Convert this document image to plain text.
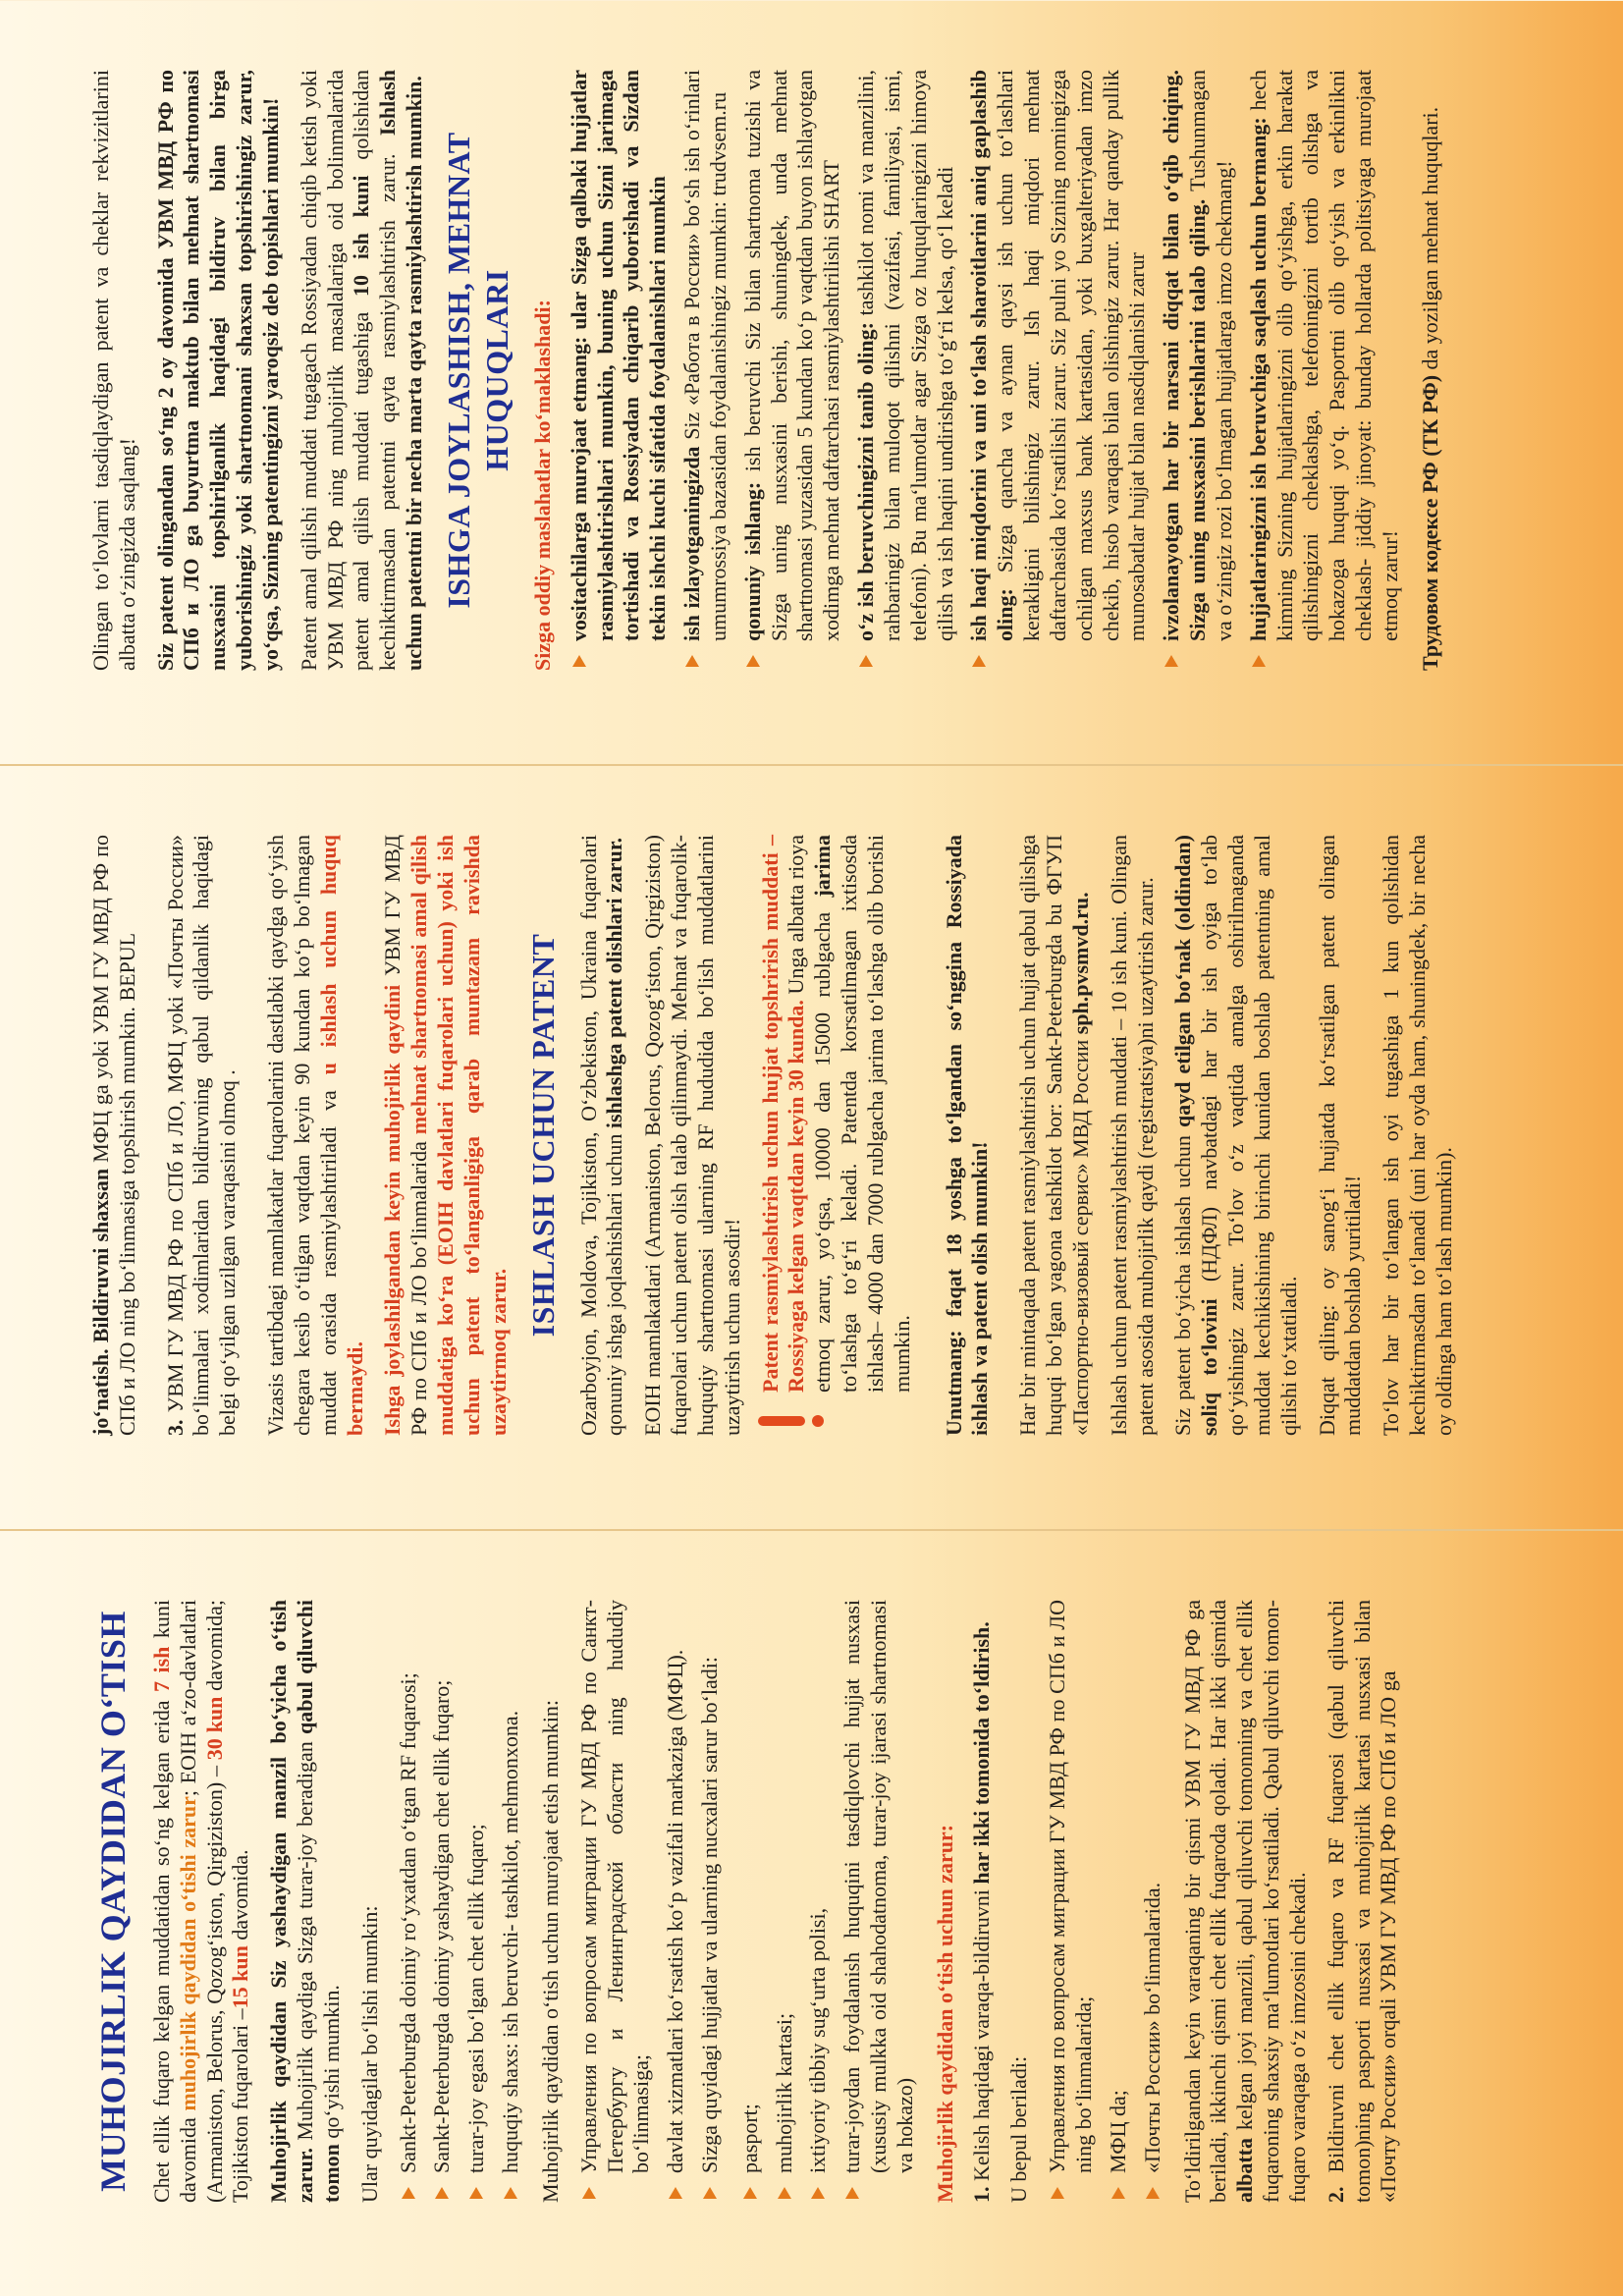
MUHOJIRLIK QAYDIDAN O‘TISH Chet ellik fuqaro kelgan muddatidan so‘ng kelgan erida 7 ish kuni davomida muhojirlik qaydidan o‘tishi zarur; EOIH a‘zo-davlatlari (Armaniston, Belorus, Qozog‘iston, Qirgiziston) – 30 kun davomida; Tojikiston fuqarolari –15 kun davomida. Muhojirlik qaydidan Siz yashaydigan manzil bo‘yicha o‘tish zarur. Muhojirlik qaydiga Sizga turar-joy beradigan qabul qiluvchi tomon qo‘yishi mumkin. Ular quyidagilar bo‘lishi mumkin: Sankt-Peterburgda doimiy ro‘yxatdan o‘tgan RF fuqarosi; Sankt-Peterburgda doimiy yashaydigan chet ellik fuqaro; turar-joy egasi bo‘lgan chet ellik fuqaro; huquqiy shaxs: ish beruvchi- tashkilot, mehmonxona. Muhojirlik qaydidan o‘tish uchun murojaat etish mumkin: Управления по вопросам миграции ГУ МВД РФ по Санкт-Петербургу и Ленинградской области ning hududiy bo‘linmasiga; davlat xizmatlari ko‘rsatish ko‘p vazifali markaziga (МФЦ). Sizga quyidagi hujjatlar va ularning nucxalari sarur bo‘ladi: pasport; muhojirlik kartasi; ixtiyoriy tibbiy sug‘urta polisi, turar-joydan foydalanish huquqini tasdiqlovchi hujjat nusxasi (xususiy mulkka oid shahodatnoma, turar-joy ijarasi shartnomasi va hokazo) Muhojirlik qaydidan o‘tish uchun zarur: 1. Kelish haqidagi varaqa-bildiruvni har ikki tomonida to‘ldirish.

U bepul beriladi: Управления по вопросам миграции ГУ МВД РФ по СПб и ЛО ning bo‘linmalarida; МФЦ da; «Почты России» bo‘linmalarida. To‘ldirilgandan keyin varaqaning bir qismi УВМ ГУ МВД РФ ga beriladi, ikkinchi qismi chet ellik fuqaroda qoladi. Har ikki qismida albatta kelgan joyi manzili, qabul qiluvchi tomonning va chet ellik fuqaroning shaxsiy ma‘lumotlari ko‘rsatiladi. Qabul qiluvchi tomon-fuqaro varaqaga o‘z imzosini chekadi. 2. Bildiruvni chet ellik fuqaro va RF fuqarosi (qabul qiluvchi tomon)ning pasporti nusxasi va muhojirlik kartasi nusxasi bilan «Почту России» orqali УВМ ГУ МВД РФ по СПб и ЛО ga

jo‘natish. Bildiruvni shaxsan МФЦ ga yoki УВМ ГУ МВД РФ по СПб и ЛО ning bo‘linmasiga topshirish mumkin. BEPUL 3. УВМ ГУ МВД РФ по СПб и ЛО, МФЦ yoki «Почты России» bo‘linmalari xodimlaridan bildiruvning qabul qildanlik haqidagi belgi qo‘yilgan uzilgan varaqasini olmoq . Vizasis tartibdagi mamlakatlar fuqarolarini dastlabki qaydga qo‘yish chegara kesib o‘tilgan vaqtdan keyin 90 kundan ko‘p bo‘lmagan muddat orasida rasmiylashtiriladi va u ishlash uchun huquq bermaydi. Ishga joylashilgandan keyin muhojirlik qaydini УВМ ГУ МВД РФ по СПб и ЛО bo‘linmalarida mehnat shartnomasi amal qilish muddatiga ko‘ra (EOIH davlatlari fuqarolari uchun) yoki ish uchun patent to‘langanligiga qarab muntazam ravishda uzaytirmoq zarur.

ISHLASH UCHUN PATENT Ozarboyjon, Moldova, Tojikiston, O‘zbekiston, Ukraina fuqarolari qonuniy ishga joqlashishlari uchun ishlashga patent olishlari zarur. EOIH mamlakatlari (Armaniston, Belorus, Qozog‘iston, Qirgiziston) fuqarolari uchun patent olish talab qilinmaydi. Mehnat va fuqarolik-huquqiy shartnomasi ularning RF hududida bo‘lish muddatlarini uzaytirish uchun asosdir! Patent rasmiylashtirish uchun hujjat topshrirish muddati – Rossiyaga kelgan vaqtdan keyin 30 kunda. Unga albatta rioya etmoq zarur, yo‘qsa, 10000 dan 15000 rublgacha jarima to‘lashga to‘g‘ri keladi. Patentda korsatilmagan ixtisosda ishlash– 4000 dan 7000 rublgacha jarima to‘lashga olib borishi mumkin. Unutmang: faqat 18 yoshga to‘lgandan so‘nggina Rossiyada ishlash va patent olish mumkin! Har bir mintaqada patent rasmiylashtirish uchun hujjat qabul qilishga huquqi bo‘lgan yagona tashkilot bor: Sankt-Peterburgda bu ФГУП «Паспортно-визовый сервис» МВД России sph.pvsmvd.ru. Ishlash uchun patent rasmiylashtirish muddati – 10 ish kuni. Olingan patent asosida muhojirlik qaydi (registratsiya)ni uzaytirish zarur. Siz patent bo‘yicha ishlash uchun qayd etilgan bo‘nak (oldindan) soliq to‘lovini (НДФЛ) navbatdagi har bir ish oyiga to‘lab qo‘yishingiz zarur. To‘lov o‘z vaqtida amalga oshirilmaganda muddat kechikishining birinchi kunidan boshlab patentning amal qilishi to‘xtatiladi. Diqqat qiling: oy sanog‘i hujjatda ko‘rsatilgan patent olingan muddatdan boshlab yuritiladi! To‘lov har bir to‘langan ish oyi tugashiga 1 kun qolishidan kechiktirmasdan to‘lanadi (uni har oyda ham, shuningdek, bir necha oy oldinga ham to‘lash mumkin).

Olingan to‘lovlarni tasdiqlaydigan patent va cheklar rekvizitlarini albatta o‘zingizda saqlang! Siz patent olingandan so‘ng 2 oy davomida УВМ МВД РФ по СПб и ЛО ga buyurtma maktub bilan mehnat shartnomasi nusxasini topshirilganlik haqidagi bildiruv bilan birga yuborishingiz yoki shartnomani shaxsan topshirishingiz zarur, yo‘qsa, Sizning patentingizni yaroqsiz deb topishlari mumkin! Patent amal qilishi muddati tugagach Rossiyadan chiqib ketish yoki УВМ МВД РФ ning muhojirlik masalalariga oid bolinmalarida patent amal qilish muddati tugashiga 10 ish kuni qolishidan kechiktirmasdan patentni qayta rasmiylashtirish zarur. Ishlash uchun patentni bir necha marta qayta rasmiylashtirish mumkin. ISHGA JOYLASHISH, MEHNAT HUQUQLARI Sizga oddiy maslahatlar ko‘maklashadi: vositachilarga murojaat etmang: ular Sizga qalbaki hujjatlar rasmiylashtirishlari mumkin, buning uchun Sizni jarimaga tortishadi va Rossiyadan chiqarib yuborishadi va Sizdan tekin ishchi kuchi sifatida foydalanishlari mumkin ish izlayotganingizda Siz «Работа в России» bo‘sh ish o‘rinlari umumrossiya bazasidan foydalanishingiz mumkin: trudvsem.ru qonuniy ishlang: ish beruvchi Siz bilan shartnoma tuzishi va Sizga uning nusxasini berishi, shuningdek, unda mehnat shartnomasi yuzasidan 5 kundan ko‘p vaqtdan buyon ishlayotgan xodimga mehnat daftarchasi rasmiylashtirilishi SHART o‘z ish beruvchingizni tanib oling: tashkilot nomi va manzilini, rahbaringiz bilan muloqot qilishni (vazifasi, familiyasi, ismi, telefoni). Bu ma‘lumotlar agar Sizga oz huquqlaringizni himoya qilish va ish haqini undirishga to‘g‘ri kelsa, qo‘l keladi ish haqi miqdorini va uni to‘lash sharoitlarini aniq gaplashib oling: Sizga qancha va aynan qaysi ish uchun to‘lashlari kerakligini bilishingiz zarur. Ish haqi miqdori mehnat daftarchasida ko‘rsatilishi zarur. Siz pulni yo Sizning nomingizga ochilgan maxsus bank kartasidan, yoki buxgalteriyadan imzo chekib, hisob varaqasi bilan olishingiz zarur. Har qanday pullik munosabatlar hujjat bilan nasdiqlanishi zarur ivzolanayotgan har bir narsani diqqat bilan o‘qib chiqing. Sizga uning nusxasini berishlarini talab qiling. Tushunmagan va o‘zingiz rozi bo‘lmagan hujjatlarga imzo chekmang! hujjatlaringizni ish beruvchiga saqlash uchun bermang: hech kimning Sizning hujjatlaringizni olib qo‘yishga, erkin harakat qilishingizni cheklashga, telefoningizni tortib olishga va hokazoga huquqi yo‘q. Pasportni olib qo‘yish va erkinlikni cheklash- jiddiy jinoyat: bunday hollarda politsiyaga murojaat etmoq zarur! Трудовом кодексе РФ (ТК РФ) da yozilgan mehnat huquqlari.
